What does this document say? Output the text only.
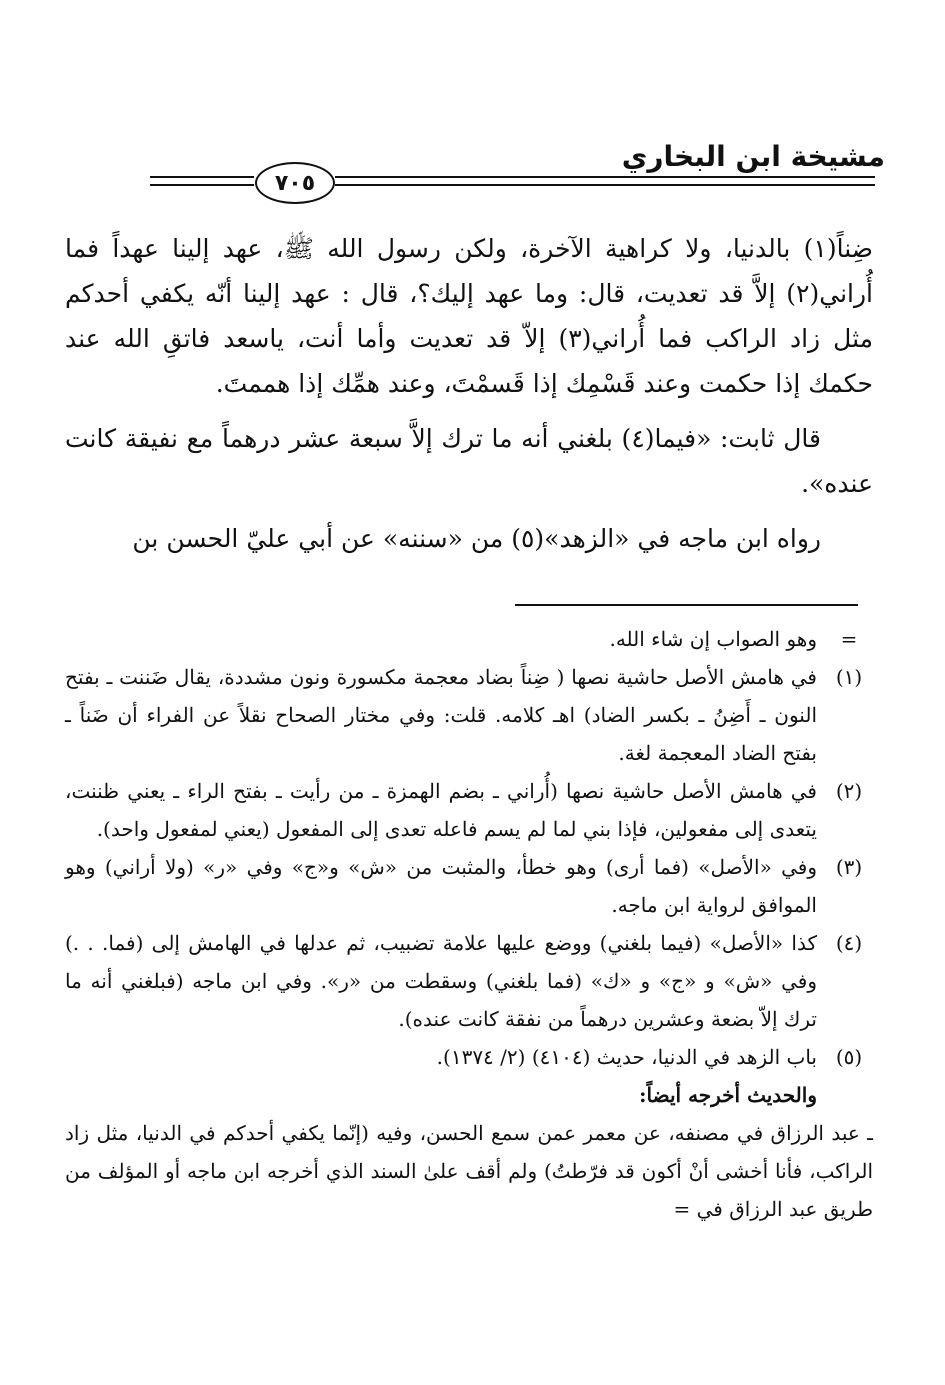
مشيخة ابن البخاري
٧٠٥

ضِناً(١) بالدنيا، ولا كراهية الآخرة، ولكن رسول الله ﷺ، عهد إلينا عهداً فما أُراني(٢) إلاَّ قد تعديت، قال: وما عهد إليك؟، قال : عهد إلينا أنّه يكفي أحدكم مثل زاد الراكب فما أُراني(٣) إلاّ قد تعديت وأما أنت، ياسعد فاتقِ الله عند حكمك إذا حكمت وعند قَسْمِك إذا قَسمْتَ، وعند همِّك إذا هممتَ.

قال ثابت: «فيما(٤) بلغني أنه ما ترك إلاَّ سبعة عشر درهماً مع نفيقة كانت عنده».

رواه ابن ماجه في «الزهد»(٥) من «سننه» عن أبي عليّ الحسن بن

=
وهو الصواب إن شاء الله.
(١)
في هامش الأصل حاشية نصها ( ضِناً بضاد معجمة مكسورة ونون مشددة، يقال ضَننت ـ بفتح النون ـ أَضِنُ ـ بكسر الضاد) اهـ كلامه. قلت: وفي مختار الصحاح نقلاً عن الفراء أن ضَناً ـ بفتح الضاد المعجمة لغة.
(٢)
في هامش الأصل حاشية نصها (أُراني ـ بضم الهمزة ـ من رأيت ـ بفتح الراء ـ يعني ظننت، يتعدى إلى مفعولين، فإذا بني لما لم يسم فاعله تعدى إلى المفعول (يعني لمفعول واحد).
(٣)
وفي «الأصل» (فما أرى) وهو خطأ، والمثبت من «ش» و«ج» وفي «ر» (ولا أراني) وهو الموافق لرواية ابن ماجه.
(٤)
كذا «الأصل» (فيما بلغني) ووضع عليها علامة تضبيب، ثم عدلها في الهامش إلى (فما. . .) وفي «ش» و «ج» و «ك» (فما بلغني) وسقطت من «ر». وفي ابن ماجه (فبلغني أنه ما ترك إلاّ بضعة وعشرين درهماً من نفقة كانت عنده).
(٥)
باب الزهد في الدنيا، حديث (٤١٠٤) (٢/ ١٣٧٤).
والحديث أخرجه أيضاً:

ـ عبد الرزاق في مصنفه، عن معمر عمن سمع الحسن، وفيه (إنّما يكفي أحدكم في الدنيا، مثل زاد الراكب، فأنا أخشى أنْ أكون قد فرّطتُ) ولم أقف علىٰ السند الذي أخرجه ابن ماجه أو المؤلف من طريق عبد الرزاق في =
